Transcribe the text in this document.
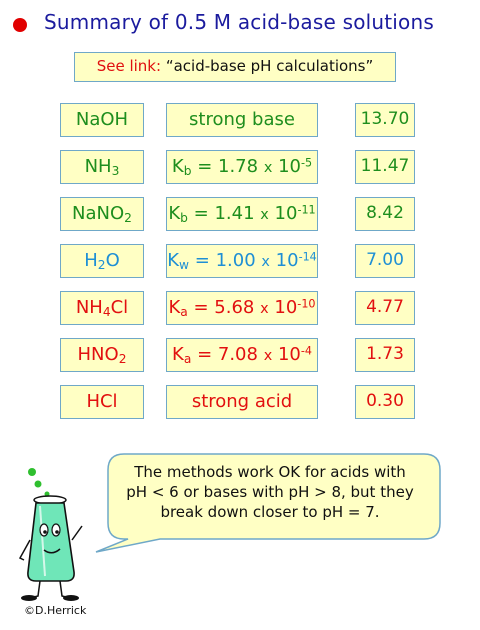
Summary of 0.5 M acid-base solutions
See link: “acid-base pH calculations”
NaOH	strong base	13.70
$NH_3$	$K_b = 1.78$ x $10^{-5}$	11.47
NaNO$_2$	$K_b = 1.41$ x $10^{-11}$	8.42
$H_2O$	$K_w = 1.00$ x $10^{-14}$	7.00
$NH_4Cl$	$K_a = 5.68$ x $10^{-10}$	4.77
$HNO_2$	$K_a = 7.08$ x $10^{-4}$	1.73
HCl	strong acid	0.30
The methods work OK for acids with
pH < 6 or bases with pH > 8, but they
break down closer to pH = 7.
©D.Herrick
